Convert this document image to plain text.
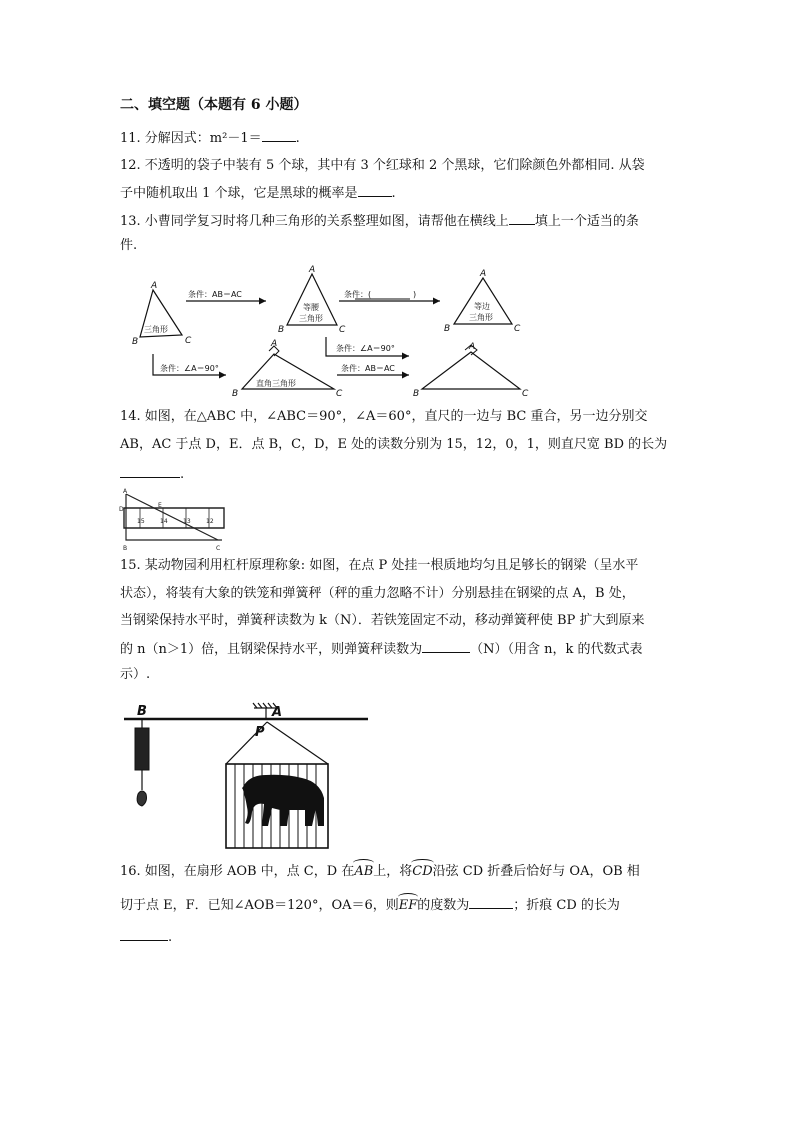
二、填空题（本题有 6 小题）
11. 分解因式：m²－1＝	.
12. 不透明的袋子中装有 5 个球，其中有 3 个红球和 2 个黑球，它们除颜色外都相同. 从袋
子中随机取出 1 个球，它是黑球的概率是	.
13. 小曹同学复习时将几种三角形的关系整理如图，请帮他在横线上 填上一个适当的条
件.
A
B	C
三角形
A
B	C
等腰
三角形
A
B	C
等边
三角形
A
B	C
直角三角形
A
B	C
条件：AB＝AC	条件：(	)
条件：∠A＝90°
条件：∠A＝90°	条件：AB＝AC
14. 如图，在△ABC 中，∠ABC＝90°，∠A＝60°，直尺的一边与 BC 重合，另一边分别交
AB，AC 于点 D，E．点 B，C，D，E 处的读数分别为 15，12，0，1，则直尺宽 BD 的长为
.
A
D
E
B	C
15	14	13	12
15. 某动物园利用杠杆原理称象: 如图，在点 P 处挂一根质地均匀且足够长的钢梁（呈水平
状态），将装有大象的铁笼和弹簧秤（秤的重力忽略不计）分别悬挂在钢梁的点 A，B 处，
当钢梁保持水平时，弹簧秤读数为 k（N）．若铁笼固定不动，移动弹簧秤使 BP 扩大到原来
的 n（n＞1）倍，且钢梁保持水平，则弹簧秤读数为	（N）（用含 n，k 的代数式表
示）.
B	A
P
16. 如图，在扇形 AOB 中，点 C，D 在AB上，将CD沿弦 CD 折叠后恰好与 OA，OB 相
切于点 E，F．已知∠AOB＝120°，OA＝6，则EF的度数为	；折痕 CD 的长为
.
